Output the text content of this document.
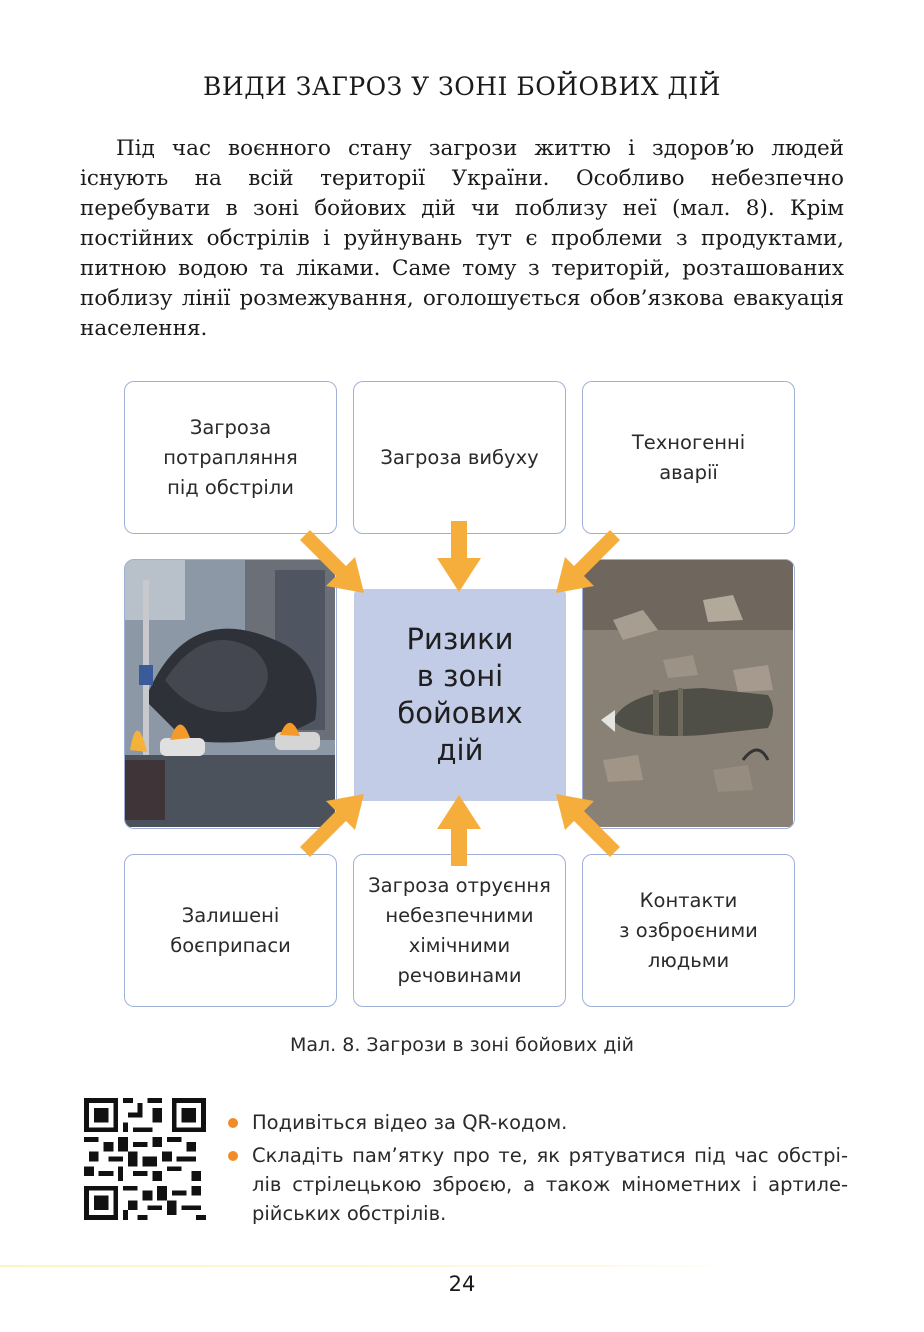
ВИДИ ЗАГРОЗ У ЗОНІ БОЙОВИХ ДІЙ

Під час воєнного стану загрози життю і здоров’ю людей існують на всій території України. Особливо небезпечно перебувати в зоні бойових дій чи поблизу неї (мал. 8). Крім постійних обстрілів і руйнувань тут є проблеми з продуктами, питною водою та ліками. Саме тому з територій, розташованих поблизу лінії розмежування, оголошується обов’язкова евакуація населення.

Загроза
потрапляння
під обстріли
Загроза вибуху
Техногенні
аварії
Ризики
в зоні
бойових
дій
Залишені
боєприпаси
Загроза отруєння
небезпечними
хімічними
речовинами
Контакти
з озброєними
людьми
Мал. 8. Загрози в зоні бойових дій
Подивіться відео за QR-кодом.
Складіть пам’ятку про те, як рятуватися під час обстрілів стрілецькою зброєю, а також мінометних і артилерійських обстрілів.
24
